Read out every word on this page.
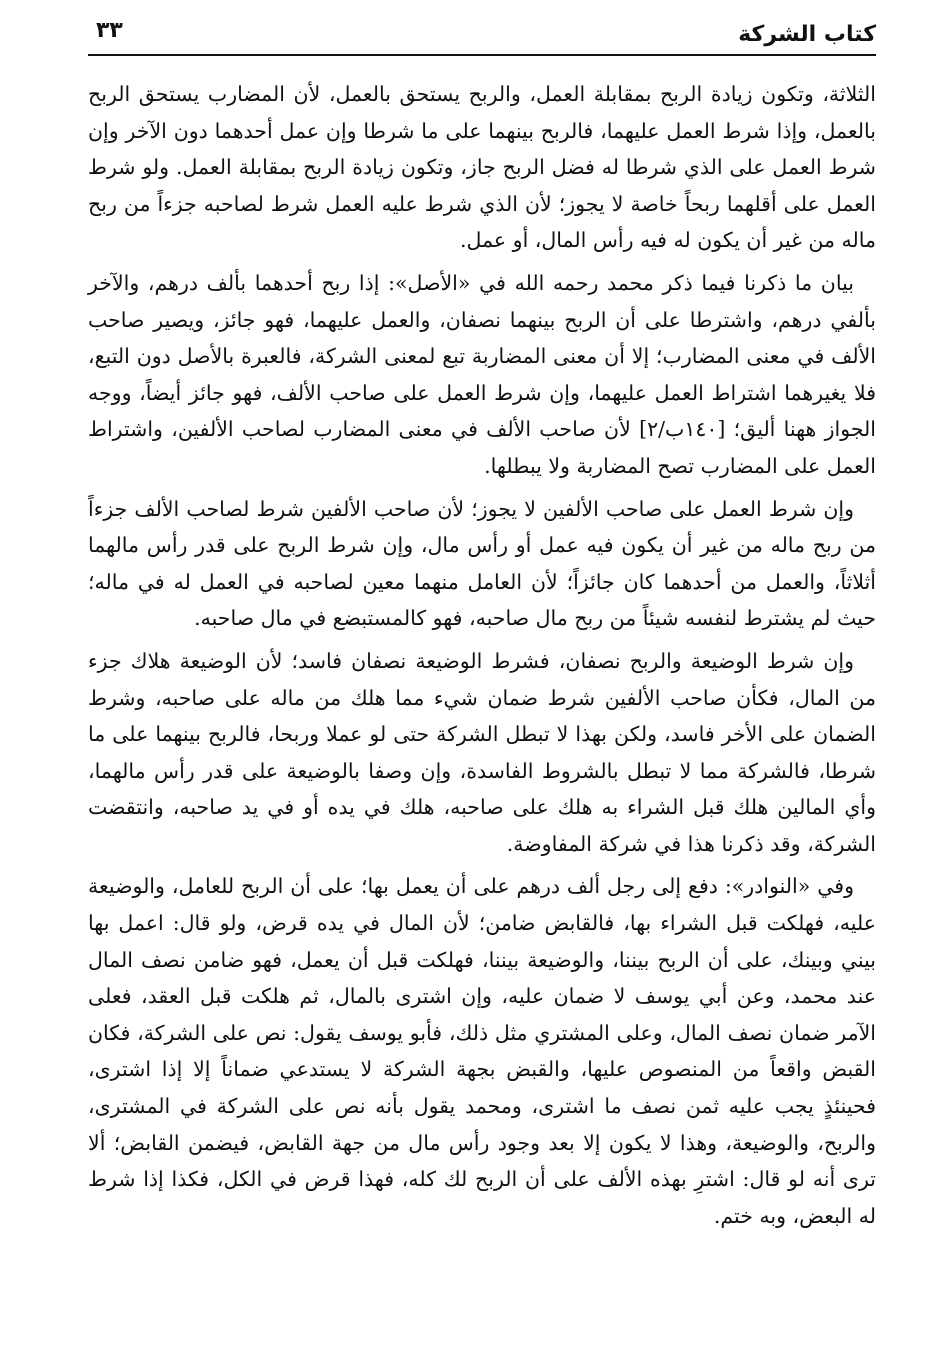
كتاب الشركة
٣٣

الثلاثة، وتكون زيادة الربح بمقابلة العمل، والربح يستحق بالعمل، لأن المضارب يستحق الربح بالعمل، وإذا شرط العمل عليهما، فالربح بينهما على ما شرطا وإن عمل أحدهما دون الآخر وإن شرط العمل على الذي شرطا له فضل الربح جاز، وتكون زيادة الربح بمقابلة العمل. ولو شرط العمل على أقلهما ربحاً خاصة لا يجوز؛ لأن الذي شرط عليه العمل شرط لصاحبه جزءاً من ربح ماله من غير أن يكون له فيه رأس المال، أو عمل.

بيان ما ذكرنا فيما ذكر محمد رحمه الله في «الأصل»: إذا ربح أحدهما بألف درهم، والآخر بألفي درهم، واشترطا على أن الربح بينهما نصفان، والعمل عليهما، فهو جائز، ويصير صاحب الألف في معنى المضارب؛ إلا أن معنى المضاربة تبع لمعنى الشركة، فالعبرة بالأصل دون التبع، فلا يغيرهما اشتراط العمل عليهما، وإن شرط العمل على صاحب الألف، فهو جائز أيضاً، ووجه الجواز ههنا أليق؛ [١٤٠ب/٢] لأن صاحب الألف في معنى المضارب لصاحب الألفين، واشتراط العمل على المضارب تصح المضاربة ولا يبطلها.

وإن شرط العمل على صاحب الألفين لا يجوز؛ لأن صاحب الألفين شرط لصاحب الألف جزءاً من ربح ماله من غير أن يكون فيه عمل أو رأس مال، وإن شرط الربح على قدر رأس مالهما أثلاثاً، والعمل من أحدهما كان جائزاً؛ لأن العامل منهما معين لصاحبه في العمل له في ماله؛ حيث لم يشترط لنفسه شيئاً من ربح مال صاحبه، فهو كالمستبضع في مال صاحبه.

وإن شرط الوضيعة والربح نصفان، فشرط الوضيعة نصفان فاسد؛ لأن الوضيعة هلاك جزء من المال، فكأن صاحب الألفين شرط ضمان شيء مما هلك من ماله على صاحبه، وشرط الضمان على الأخر فاسد، ولكن بهذا لا تبطل الشركة حتى لو عملا وربحا، فالربح بينهما على ما شرطا، فالشركة مما لا تبطل بالشروط الفاسدة، وإن وصفا بالوضيعة على قدر رأس مالهما، وأي المالين هلك قبل الشراء به هلك على صاحبه، هلك في يده أو في يد صاحبه، وانتقضت الشركة، وقد ذكرنا هذا في شركة المفاوضة.

وفي «النوادر»: دفع إلى رجل ألف درهم على أن يعمل بها؛ على أن الربح للعامل، والوضيعة عليه، فهلكت قبل الشراء بها، فالقابض ضامن؛ لأن المال في يده قرض، ولو قال: اعمل بها بيني وبينك، على أن الربح بيننا، والوضيعة بيننا، فهلكت قبل أن يعمل، فهو ضامن نصف المال عند محمد، وعن أبي يوسف لا ضمان عليه، وإن اشترى بالمال، ثم هلكت قبل العقد، فعلى الآمر ضمان نصف المال، وعلى المشتري مثل ذلك، فأبو يوسف يقول: نص على الشركة، فكان القبض واقعاً من المنصوص عليها، والقبض بجهة الشركة لا يستدعي ضماناً إلا إذا اشترى، فحينئذٍ يجب عليه ثمن نصف ما اشترى، ومحمد يقول بأنه نص على الشركة في المشترى، والربح، والوضيعة، وهذا لا يكون إلا بعد وجود رأس مال من جهة القابض، فيضمن القابض؛ ألا ترى أنه لو قال: اشترِ بهذه الألف على أن الربح لك كله، فهذا قرض في الكل، فكذا إذا شرط له البعض، وبه ختم.
